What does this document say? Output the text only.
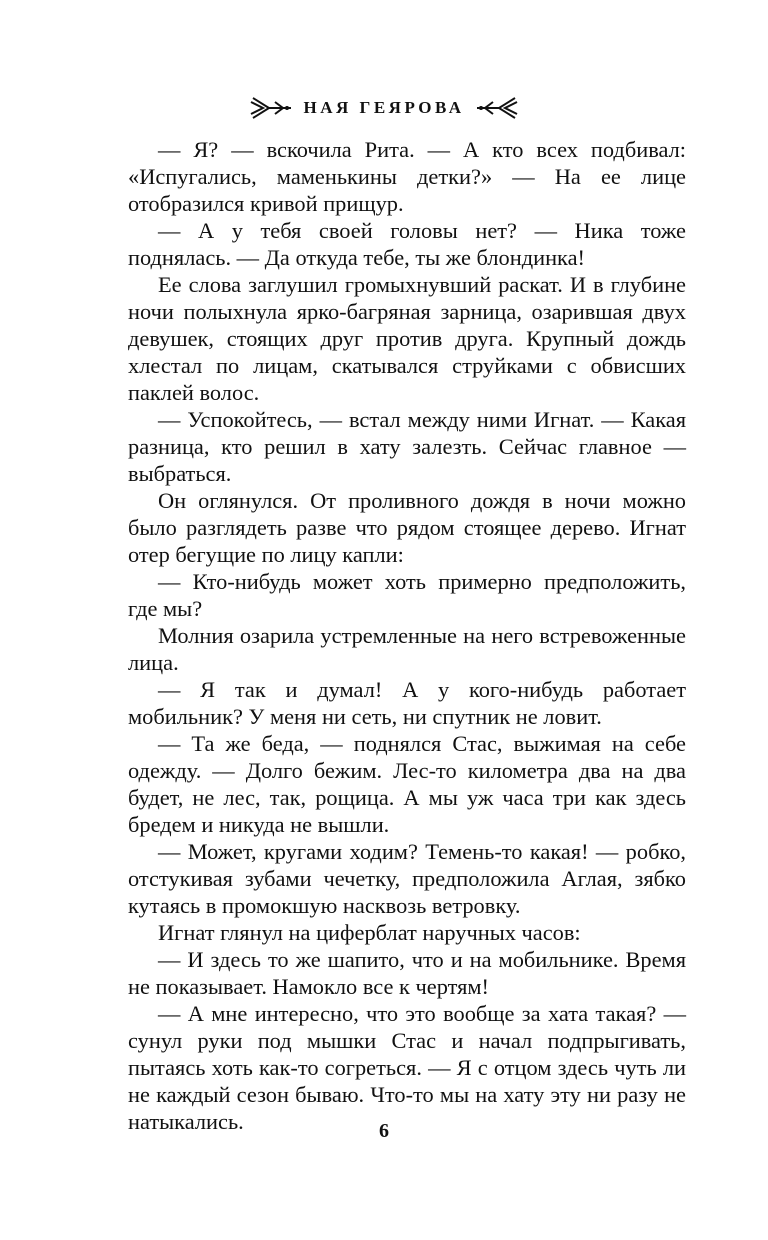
НАЯ ГЕЯРОВА

— Я? — вскочила Рита. — А кто всех подбивал: «Испугались, маменькины детки?» — На ее лице отобразился кривой прищур.

— А у тебя своей головы нет? — Ника тоже поднялась. — Да откуда тебе, ты же блондинка!

Ее слова заглушил громыхнувший раскат. И в глубине ночи полыхнула ярко-багряная зарница, озарившая двух девушек, стоящих друг против друга. Крупный дождь хлестал по лицам, скатывался струйками с обвисших паклей волос.

— Успокойтесь, — встал между ними Игнат. — Какая разница, кто решил в хату залезть. Сейчас главное — выбраться.

Он оглянулся. От проливного дождя в ночи можно было разглядеть разве что рядом стоящее дерево. Игнат отер бегущие по лицу капли:

— Кто-нибудь может хоть примерно предположить, где мы?

Молния озарила устремленные на него встревоженные лица.

— Я так и думал! А у кого-нибудь работает мобильник? У меня ни сеть, ни спутник не ловит.

— Та же беда, — поднялся Стас, выжимая на себе одежду. — Долго бежим. Лес-то километра два на два будет, не лес, так, рощица. А мы уж часа три как здесь бредем и никуда не вышли.

— Может, кругами ходим? Темень-то какая! — робко, отстукивая зубами чечетку, предположила Аглая, зябко кутаясь в промокшую насквозь ветровку.

Игнат глянул на циферблат наручных часов:

— И здесь то же шапито, что и на мобильнике. Время не показывает. Намокло все к чертям!

— А мне интересно, что это вообще за хата такая? — сунул руки под мышки Стас и начал подпрыгивать, пытаясь хоть как-то согреться. — Я с отцом здесь чуть ли не каждый сезон бываю. Что-то мы на хату эту ни разу не натыкались.	6
